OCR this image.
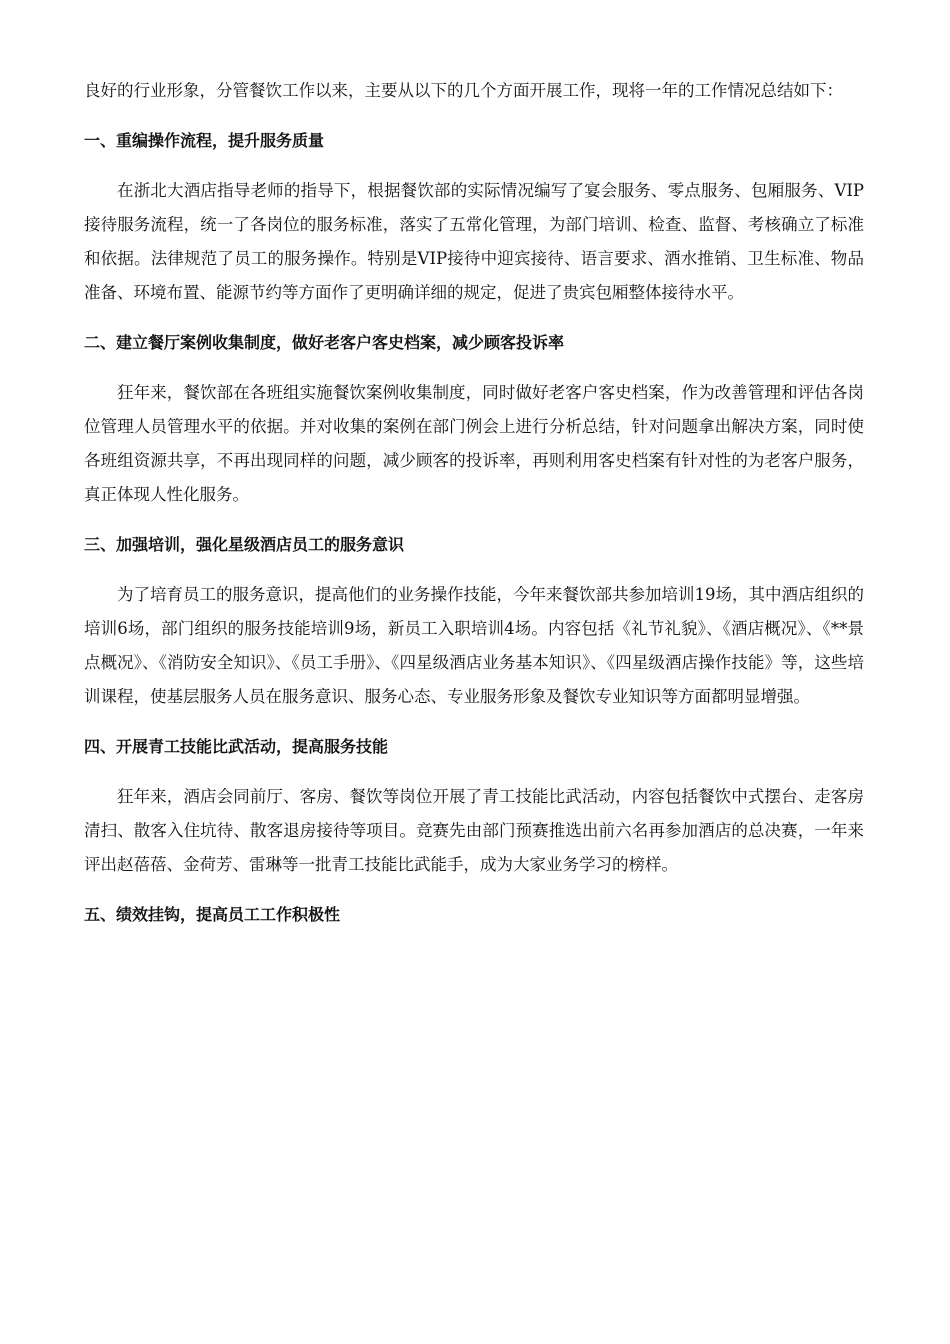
良好的行业形象，分管餐饮工作以来，主要从以下的几个方面开展工作，现将一年的工作情况总结如下：

一、重编操作流程，提升服务质量

在浙北大酒店指导老师的指导下，根据餐饮部的实际情况编写了宴会服务、零点服务、包厢服务、VIP接待服务流程，统一了各岗位的服务标准，落实了五常化管理，为部门培训、检查、监督、考核确立了标准和依据。法律规范了员工的服务操作。特别是VIP接待中迎宾接待、语言要求、酒水推销、卫生标准、物品准备、环境布置、能源节约等方面作了更明确详细的规定，促进了贵宾包厢整体接待水平。

二、建立餐厅案例收集制度，做好老客户客史档案，减少顾客投诉率

狂年来，餐饮部在各班组实施餐饮案例收集制度，同时做好老客户客史档案，作为改善管理和评估各岗位管理人员管理水平的依据。并对收集的案例在部门例会上进行分析总结，针对问题拿出解决方案，同时使各班组资源共享，不再出现同样的问题，减少顾客的投诉率，再则利用客史档案有针对性的为老客户服务，真正体现人性化服务。

三、加强培训，强化星级酒店员工的服务意识

为了培育员工的服务意识，提高他们的业务操作技能，今年来餐饮部共参加培训19场，其中酒店组织的培训6场，部门组织的服务技能培训9场，新员工入职培训4场。内容包括《礼节礼貌》、《酒店概况》、《**景点概况》、《消防安全知识》、《员工手册》、《四星级酒店业务基本知识》、《四星级酒店操作技能》等，这些培训课程，使基层服务人员在服务意识、服务心态、专业服务形象及餐饮专业知识等方面都明显增强。

四、开展青工技能比武活动，提高服务技能

狂年来，酒店会同前厅、客房、餐饮等岗位开展了青工技能比武活动，内容包括餐饮中式摆台、走客房清扫、散客入住坑待、散客退房接待等项目。竞赛先由部门预赛推选出前六名再参加酒店的总决赛，一年来评出赵蓓蓓、金荷芳、雷琳等一批青工技能比武能手，成为大家业务学习的榜样。

五、绩效挂钩，提高员工工作积极性
